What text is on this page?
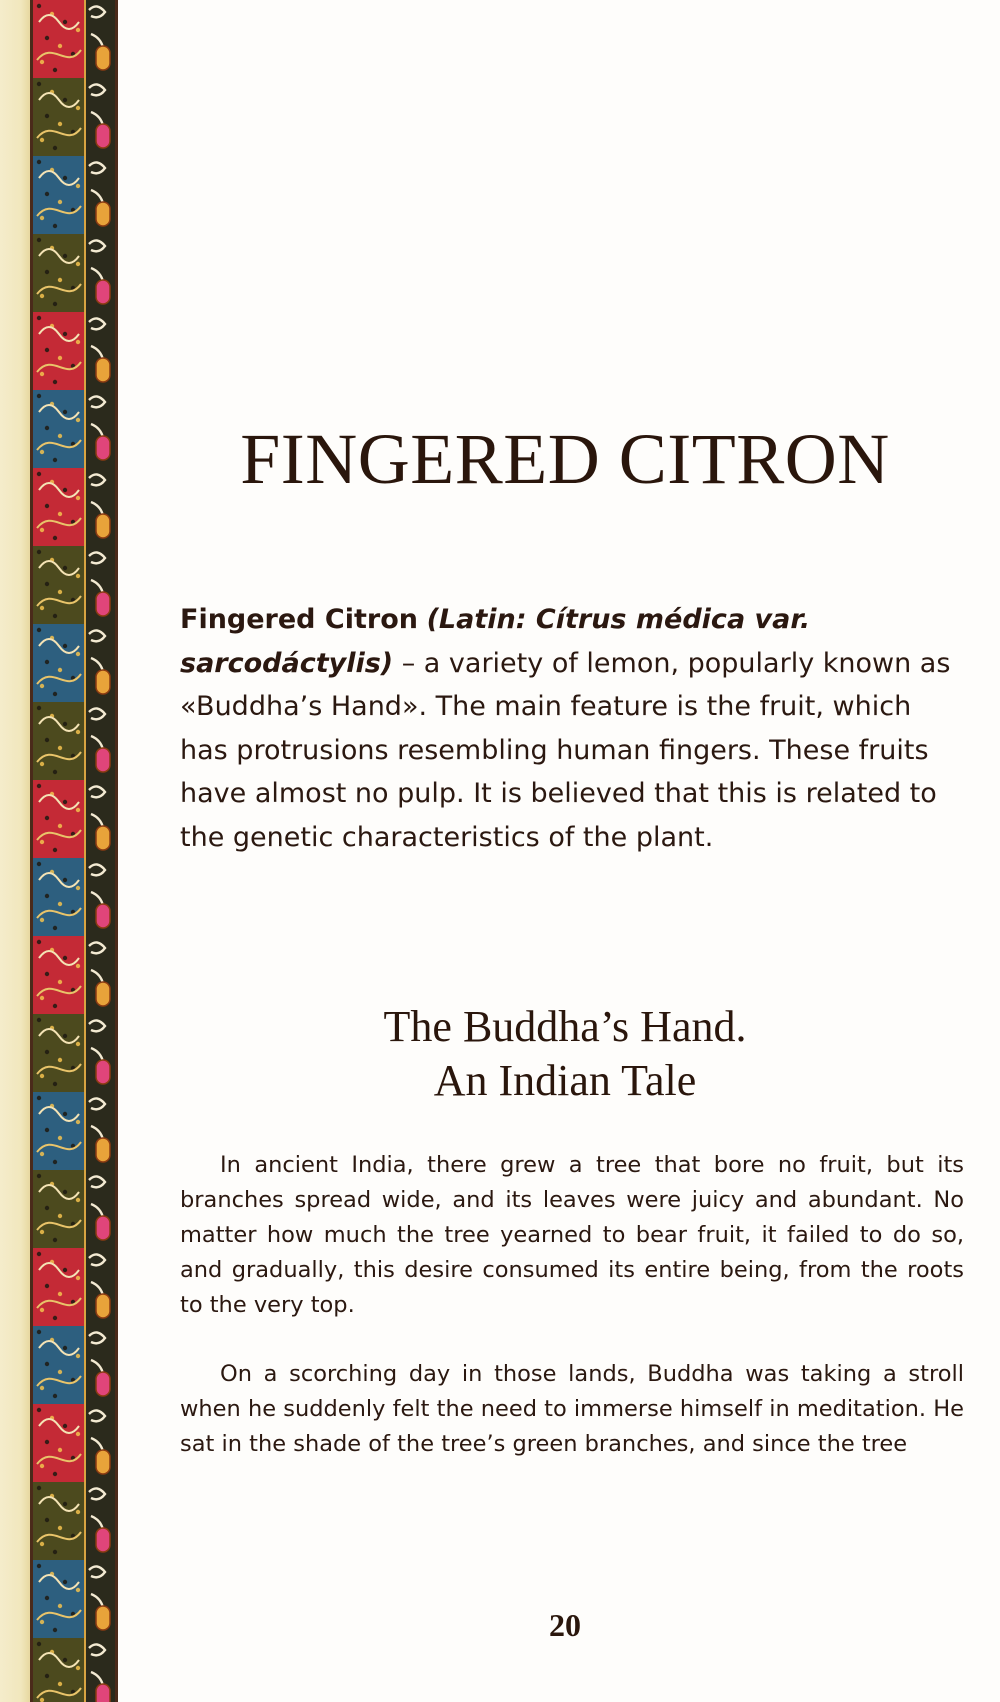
FINGERED CITRON

Fingered Citron (Latin: Cítrus médica var. sarcodáctylis) – a variety of lemon, popularly known as «Buddha’s Hand». The main feature is the fruit, which has protrusions resembling human fingers. These fruits have almost no pulp. It is believed that this is related to the genetic characteristics of the plant.

The Buddha’s Hand.
An Indian Tale

In ancient India, there grew a tree that bore no fruit, but its branches spread wide, and its leaves were juicy and abundant. No matter how much the tree yearned to bear fruit, it failed to do so, and gradually, this desire consumed its entire being, from the roots to the very top.

On a scorching day in those lands, Buddha was taking a stroll when he suddenly felt the need to immerse himself in meditation. He sat in the shade of the tree’s green branches, and since the tree

20
